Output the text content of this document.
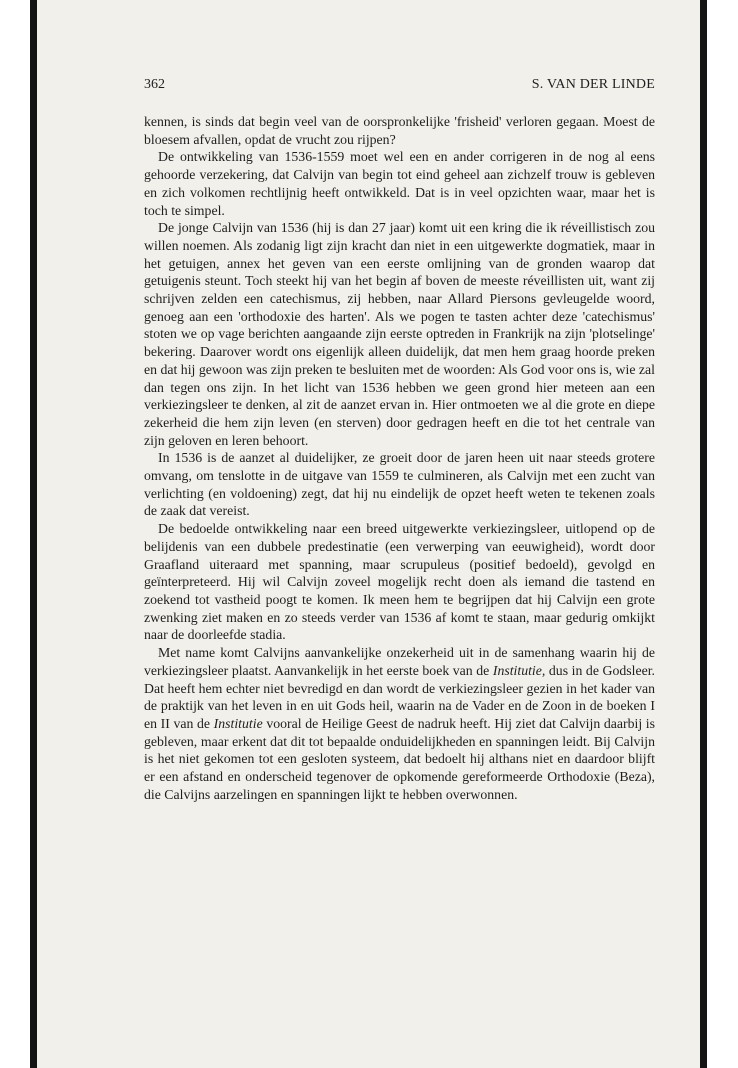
362	S. VAN DER LINDE

kennen, is sinds dat begin veel van de oorspronkelijke 'frisheid' verloren gegaan. Moest de bloesem afvallen, opdat de vrucht zou rijpen?

De ontwikkeling van 1536-1559 moet wel een en ander corrigeren in de nog al eens gehoorde verzekering, dat Calvijn van begin tot eind geheel aan zichzelf trouw is gebleven en zich volkomen rechtlijnig heeft ontwikkeld. Dat is in veel opzichten waar, maar het is toch te simpel.

De jonge Calvijn van 1536 (hij is dan 27 jaar) komt uit een kring die ik réveillistisch zou willen noemen. Als zodanig ligt zijn kracht dan niet in een uitgewerkte dogmatiek, maar in het getuigen, annex het geven van een eerste omlijning van de gronden waarop dat getuigenis steunt. Toch steekt hij van het begin af boven de meeste réveillisten uit, want zij schrijven zelden een catechismus, zij hebben, naar Allard Piersons gevleugelde woord, genoeg aan een 'orthodoxie des harten'. Als we pogen te tasten achter deze 'catechismus' stoten we op vage berichten aangaande zijn eerste optreden in Frankrijk na zijn 'plotselinge' bekering. Daarover wordt ons eigenlijk alleen duidelijk, dat men hem graag hoorde preken en dat hij gewoon was zijn preken te besluiten met de woorden: Als God voor ons is, wie zal dan tegen ons zijn. In het licht van 1536 hebben we geen grond hier meteen aan een verkiezingsleer te denken, al zit de aanzet ervan in. Hier ontmoeten we al die grote en diepe zekerheid die hem zijn leven (en sterven) door gedragen heeft en die tot het centrale van zijn geloven en leren behoort.

In 1536 is de aanzet al duidelijker, ze groeit door de jaren heen uit naar steeds grotere omvang, om tenslotte in de uitgave van 1559 te culmineren, als Calvijn met een zucht van verlichting (en voldoening) zegt, dat hij nu eindelijk de opzet heeft weten te tekenen zoals de zaak dat vereist.

De bedoelde ontwikkeling naar een breed uitgewerkte verkiezingsleer, uitlopend op de belijdenis van een dubbele predestinatie (een verwerping van eeuwigheid), wordt door Graafland uiteraard met spanning, maar scrupuleus (positief bedoeld), gevolgd en geïnterpreteerd. Hij wil Calvijn zoveel mogelijk recht doen als iemand die tastend en zoekend tot vastheid poogt te komen. Ik meen hem te begrijpen dat hij Calvijn een grote zwenking ziet maken en zo steeds verder van 1536 af komt te staan, maar gedurig omkijkt naar de doorleefde stadia.

Met name komt Calvijns aanvankelijke onzekerheid uit in de samenhang waarin hij de verkiezingsleer plaatst. Aanvankelijk in het eerste boek van de Institutie, dus in de Godsleer. Dat heeft hem echter niet bevredigd en dan wordt de verkiezingsleer gezien in het kader van de praktijk van het leven in en uit Gods heil, waarin na de Vader en de Zoon in de boeken I en II van de Institutie vooral de Heilige Geest de nadruk heeft. Hij ziet dat Calvijn daarbij is gebleven, maar erkent dat dit tot bepaalde onduidelijkheden en spanningen leidt. Bij Calvijn is het niet gekomen tot een gesloten systeem, dat bedoelt hij althans niet en daardoor blijft er een afstand en onderscheid tegenover de opkomende gereformeerde Orthodoxie (Beza), die Calvijns aarzelingen en spanningen lijkt te hebben overwonnen.
